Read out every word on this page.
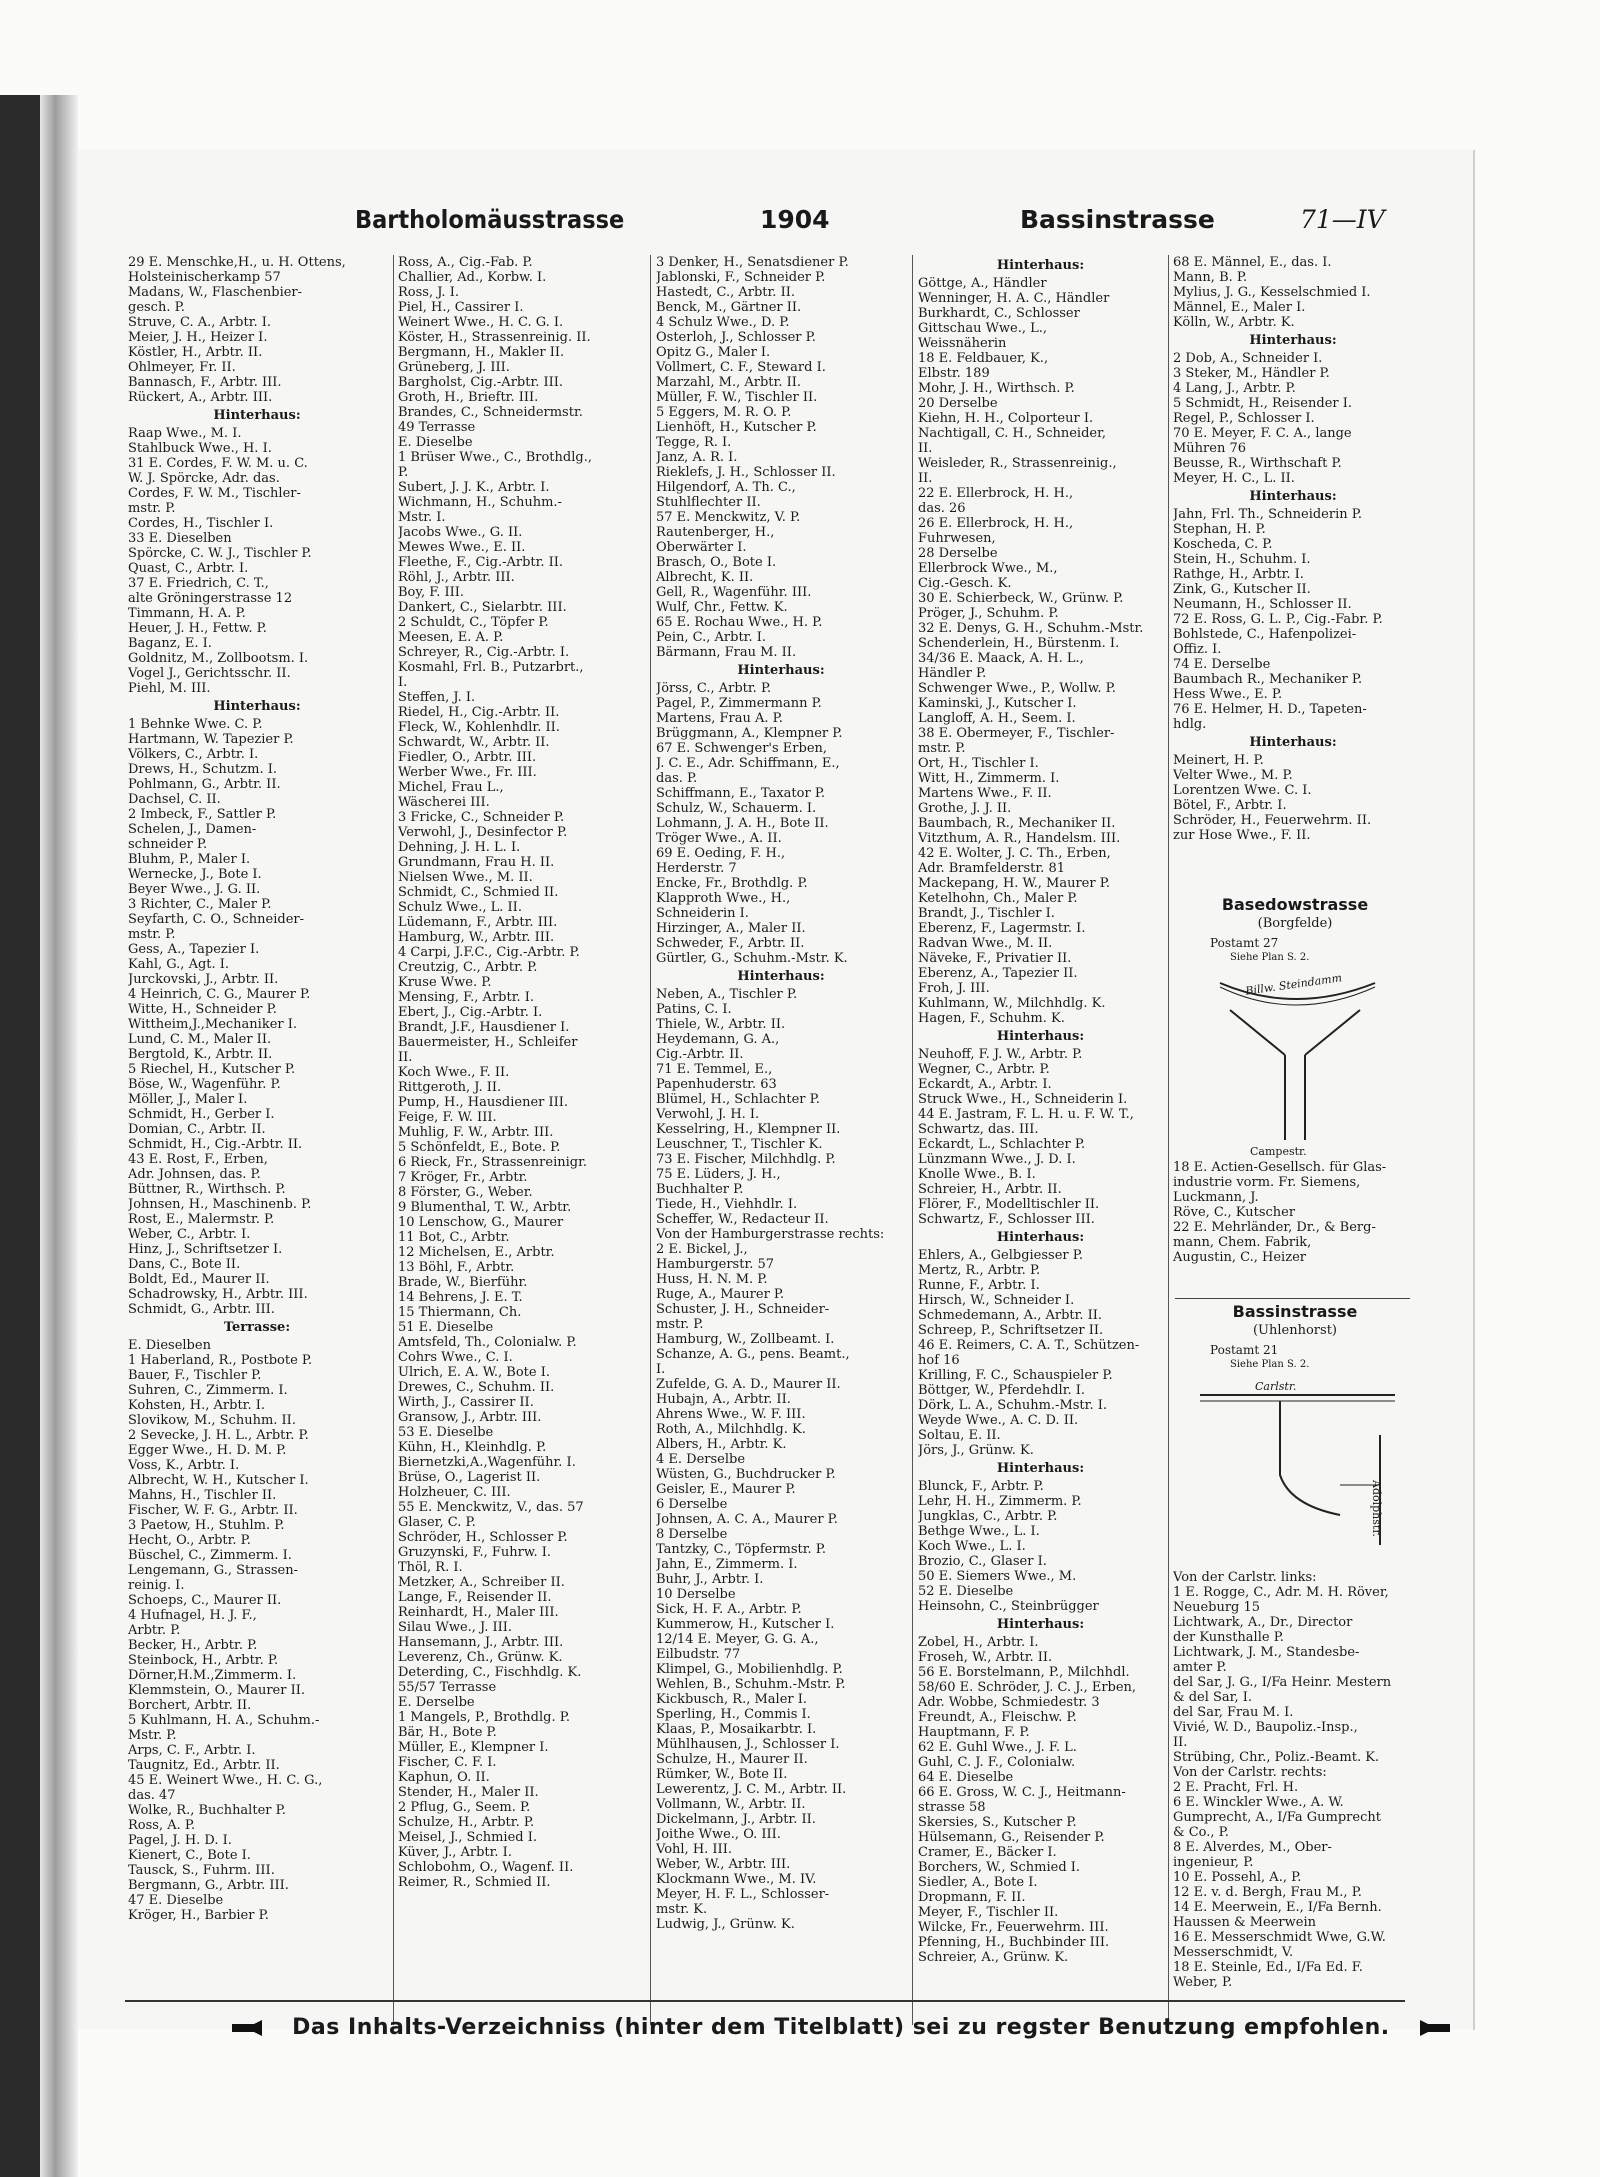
Bartholomäusstrasse	1904	Bassinstrasse	71—IV
29 E. Menschke,H., u. H. Ottens,
Holsteinischerkamp 57
Madans, W., Flaschenbier-
gesch. P.
Struve, C. A., Arbtr. I.
Meier, J. H., Heizer I.
Köstler, H., Arbtr. II.
Ohlmeyer, Fr. II.
Bannasch, F., Arbtr. III.
Rückert, A., Arbtr. III.
Hinterhaus:
Raap Wwe., M. I.
Stahlbuck Wwe., H. I.
31 E. Cordes, F. W. M. u. C.
W. J. Spörcke, Adr. das.
Cordes, F. W. M., Tischler-
mstr. P.
Cordes, H., Tischler I.
33 E. Dieselben
Spörcke, C. W. J., Tischler P.
Quast, C., Arbtr. I.
37 E. Friedrich, C. T.,
alte Gröningerstrasse 12
Timmann, H. A. P.
Heuer, J. H., Fettw. P.
Baganz, E. I.
Goldnitz, M., Zollbootsm. I.
Vogel J., Gerichtsschr. II.
Piehl, M. III.
Hinterhaus:
1 Behnke Wwe. C. P.
Hartmann, W. Tapezier P.
Völkers, C., Arbtr. I.
Drews, H., Schutzm. I.
Pohlmann, G., Arbtr. II.
Dachsel, C. II.
2 Imbeck, F., Sattler P.
Schelen, J., Damen-
schneider P.
Bluhm, P., Maler I.
Wernecke, J., Bote I.
Beyer Wwe., J. G. II.
3 Richter, C., Maler P.
Seyfarth, C. O., Schneider-
mstr. P.
Gess, A., Tapezier I.
Kahl, G., Agt. I.
Jurckovski, J., Arbtr. II.
4 Heinrich, C. G., Maurer P.
Witte, H., Schneider P.
Wittheim,J.,Mechaniker I.
Lund, C. M., Maler II.
Bergtold, K., Arbtr. II.
5 Riechel, H., Kutscher P.
Böse, W., Wagenführ. P.
Möller, J., Maler I.
Schmidt, H., Gerber I.
Domian, C., Arbtr. II.
Schmidt, H., Cig.-Arbtr. II.
43 E. Rost, F., Erben,
Adr. Johnsen, das. P.
Büttner, R., Wirthsch. P.
Johnsen, H., Maschinenb. P.
Rost, E., Malermstr. P.
Weber, C., Arbtr. I.
Hinz, J., Schriftsetzer I.
Dans, C., Bote II.
Boldt, Ed., Maurer II.
Schadrowsky, H., Arbtr. III.
Schmidt, G., Arbtr. III.
Terrasse:
E. Dieselben
1 Haberland, R., Postbote P.
Bauer, F., Tischler P.
Suhren, C., Zimmerm. I.
Kohsten, H., Arbtr. I.
Slovikow, M., Schuhm. II.
2 Sevecke, J. H. L., Arbtr. P.
Egger Wwe., H. D. M. P.
Voss, K., Arbtr. I.
Albrecht, W. H., Kutscher I.
Mahns, H., Tischler II.
Fischer, W. F. G., Arbtr. II.
3 Paetow, H., Stuhlm. P.
Hecht, O., Arbtr. P.
Büschel, C., Zimmerm. I.
Lengemann, G., Strassen-
reinig. I.
Schoeps, C., Maurer II.
4 Hufnagel, H. J. F.,
Arbtr. P.
Becker, H., Arbtr. P.
Steinbock, H., Arbtr. P.
Dörner,H.M.,Zimmerm. I.
Klemmstein, O., Maurer II.
Borchert, Arbtr. II.
5 Kuhlmann, H. A., Schuhm.-
Mstr. P.
Arps, C. F., Arbtr. I.
Taugnitz, Ed., Arbtr. II.
45 E. Weinert Wwe., H. C. G.,
das. 47
Wolke, R., Buchhalter P.
Ross, A. P.
Pagel, J. H. D. I.
Kienert, C., Bote I.
Tausck, S., Fuhrm. III.
Bergmann, G., Arbtr. III.
47 E. Dieselbe
Kröger, H., Barbier P.
Ross, A., Cig.-Fab. P.
Challier, Ad., Korbw. I.
Ross, J. I.
Piel, H., Cassirer I.
Weinert Wwe., H. C. G. I.
Köster, H., Strassenreinig. II.
Bergmann, H., Makler II.
Grüneberg, J. III.
Bargholst, Cig.-Arbtr. III.
Groth, H., Brieftr. III.
Brandes, C., Schneidermstr.
49 Terrasse
E. Dieselbe
1 Brüser Wwe., C., Brothdlg.,
P.
Subert, J. J. K., Arbtr. I.
Wichmann, H., Schuhm.-
Mstr. I.
Jacobs Wwe., G. II.
Mewes Wwe., E. II.
Fleethe, F., Cig.-Arbtr. II.
Röhl, J., Arbtr. III.
Boy, F. III.
Dankert, C., Sielarbtr. III.
2 Schuldt, C., Töpfer P.
Meesen, E. A. P.
Schreyer, R., Cig.-Arbtr. I.
Kosmahl, Frl. B., Putzarbrt.,
I.
Steffen, J. I.
Riedel, H., Cig.-Arbtr. II.
Fleck, W., Kohlenhdlr. II.
Schwardt, W., Arbtr. II.
Fiedler, O., Arbtr. III.
Werber Wwe., Fr. III.
Michel, Frau L.,
Wäscherei III.
3 Fricke, C., Schneider P.
Verwohl, J., Desinfector P.
Dehning, J. H. L. I.
Grundmann, Frau H. II.
Nielsen Wwe., M. II.
Schmidt, C., Schmied II.
Schulz Wwe., L. II.
Lüdemann, F., Arbtr. III.
Hamburg, W., Arbtr. III.
4 Carpi, J.F.C., Cig.-Arbtr. P.
Creutzig, C., Arbtr. P.
Kruse Wwe. P.
Mensing, F., Arbtr. I.
Ebert, J., Cig.-Arbtr. I.
Brandt, J.F., Hausdiener I.
Bauermeister, H., Schleifer
II.
Koch Wwe., F. II.
Rittgeroth, J. II.
Pump, H., Hausdiener III.
Feige, F. W. III.
Muhlig, F. W., Arbtr. III.
5 Schönfeldt, E., Bote. P.
6 Rieck, Fr., Strassenreinigr.
7 Kröger, Fr., Arbtr.
8 Förster, G., Weber.
9 Blumenthal, T. W., Arbtr.
10 Lenschow, G., Maurer
11 Bot, C., Arbtr.
12 Michelsen, E., Arbtr.
13 Böhl, F., Arbtr.
Brade, W., Bierführ.
14 Behrens, J. E. T.
15 Thiermann, Ch.
51 E. Dieselbe
Amtsfeld, Th., Colonialw. P.
Cohrs Wwe., C. I.
Ulrich, E. A. W., Bote I.
Drewes, C., Schuhm. II.
Wirth, J., Cassirer II.
Gransow, J., Arbtr. III.
53 E. Dieselbe
Kühn, H., Kleinhdlg. P.
Biernetzki,A.,Wagenführ. I.
Brüse, O., Lagerist II.
Holzheuer, C. III.
55 E. Menckwitz, V., das. 57
Glaser, C. P.
Schröder, H., Schlosser P.
Gruzynski, F., Fuhrw. I.
Thöl, R. I.
Metzker, A., Schreiber II.
Lange, F., Reisender II.
Reinhardt, H., Maler III.
Silau Wwe., J. III.
Hansemann, J., Arbtr. III.
Leverenz, Ch., Grünw. K.
Deterding, C., Fischhdlg. K.
55/57 Terrasse
E. Derselbe
1 Mangels, P., Brothdlg. P.
Bär, H., Bote P.
Müller, E., Klempner I.
Fischer, C. F. I.
Kaphun, O. II.
Stender, H., Maler II.
2 Pflug, G., Seem. P.
Schulze, H., Arbtr. P.
Meisel, J., Schmied I.
Küver, J., Arbtr. I.
Schlobohm, O., Wagenf. II.
Reimer, R., Schmied II.
3 Denker, H., Senatsdiener P.
Jablonski, F., Schneider P.
Hastedt, C., Arbtr. II.
Benck, M., Gärtner II.
4 Schulz Wwe., D. P.
Osterloh, J., Schlosser P.
Opitz G., Maler I.
Vollmert, C. F., Steward I.
Marzahl, M., Arbtr. II.
Müller, F. W., Tischler II.
5 Eggers, M. R. O. P.
Lienhöft, H., Kutscher P.
Tegge, R. I.
Janz, A. R. I.
Rieklefs, J. H., Schlosser II.
Hilgendorf, A. Th. C.,
Stuhlflechter II.
57 E. Menckwitz, V. P.
Rautenberger, H.,
Oberwärter I.
Brasch, O., Bote I.
Albrecht, K. II.
Gell, R., Wagenführ. III.
Wulf, Chr., Fettw. K.
65 E. Rochau Wwe., H. P.
Pein, C., Arbtr. I.
Bärmann, Frau M. II.
Hinterhaus:
Jörss, C., Arbtr. P.
Pagel, P., Zimmermann P.
Martens, Frau A. P.
Brüggmann, A., Klempner P.
67 E. Schwenger's Erben,
J. C. E., Adr. Schiffmann, E.,
das. P.
Schiffmann, E., Taxator P.
Schulz, W., Schauerm. I.
Lohmann, J. A. H., Bote II.
Tröger Wwe., A. II.
69 E. Oeding, F. H.,
Herderstr. 7
Encke, Fr., Brothdlg. P.
Klapproth Wwe., H.,
Schneiderin I.
Hirzinger, A., Maler II.
Schweder, F., Arbtr. II.
Gürtler, G., Schuhm.-Mstr. K.
Hinterhaus:
Neben, A., Tischler P.
Patins, C. I.
Thiele, W., Arbtr. II.
Heydemann, G. A.,
Cig.-Arbtr. II.
71 E. Temmel, E.,
Papenhuderstr. 63
Blümel, H., Schlachter P.
Verwohl, J. H. I.
Kesselring, H., Klempner II.
Leuschner, T., Tischler K.
73 E. Fischer, Milchhdlg. P.
75 E. Lüders, J. H.,
Buchhalter P.
Tiede, H., Viehhdlr. I.
Scheffer, W., Redacteur II.
Von der Hamburgerstrasse rechts:
2 E. Bickel, J.,
Hamburgerstr. 57
Huss, H. N. M. P.
Ruge, A., Maurer P.
Schuster, J. H., Schneider-
mstr. P.
Hamburg, W., Zollbeamt. I.
Schanze, A. G., pens. Beamt.,
I.
Zufelde, G. A. D., Maurer II.
Hubajn, A., Arbtr. II.
Ahrens Wwe., W. F. III.
Roth, A., Milchhdlg. K.
Albers, H., Arbtr. K.
4 E. Derselbe
Wüsten, G., Buchdrucker P.
Geisler, E., Maurer P.
6 Derselbe
Johnsen, A. C. A., Maurer P.
8 Derselbe
Tantzky, C., Töpfermstr. P.
Jahn, E., Zimmerm. I.
Buhr, J., Arbtr. I.
10 Derselbe
Sick, H. F. A., Arbtr. P.
Kummerow, H., Kutscher I.
12/14 E. Meyer, G. G. A.,
Eilbudstr. 77
Klimpel, G., Mobilienhdlg. P.
Wehlen, B., Schuhm.-Mstr. P.
Kickbusch, R., Maler I.
Sperling, H., Commis I.
Klaas, P., Mosaikarbtr. I.
Mühlhausen, J., Schlosser I.
Schulze, H., Maurer II.
Rümker, W., Bote II.
Lewerentz, J. C. M., Arbtr. II.
Vollmann, W., Arbtr. II.
Dickelmann, J., Arbtr. II.
Joithe Wwe., O. III.
Vohl, H. III.
Weber, W., Arbtr. III.
Klockmann Wwe., M. IV.
Meyer, H. F. L., Schlosser-
mstr. K.
Ludwig, J., Grünw. K.
Hinterhaus:
Göttge, A., Händler
Wenninger, H. A. C., Händler
Burkhardt, C., Schlosser
Gittschau Wwe., L.,
Weissnäherin
18 E. Feldbauer, K.,
Elbstr. 189
Mohr, J. H., Wirthsch. P.
20 Derselbe
Kiehn, H. H., Colporteur I.
Nachtigall, C. H., Schneider,
II.
Weisleder, R., Strassenreinig.,
II.
22 E. Ellerbrock, H. H.,
das. 26
26 E. Ellerbrock, H. H.,
Fuhrwesen,
28 Derselbe
Ellerbrock Wwe., M.,
Cig.-Gesch. K.
30 E. Schierbeck, W., Grünw. P.
Pröger, J., Schuhm. P.
32 E. Denys, G. H., Schuhm.-Mstr.
Schenderlein, H., Bürstenm. I.
34/36 E. Maack, A. H. L.,
Händler P.
Schwenger Wwe., P., Wollw. P.
Kaminski, J., Kutscher I.
Langloff, A. H., Seem. I.
38 E. Obermeyer, F., Tischler-
mstr. P.
Ort, H., Tischler I.
Witt, H., Zimmerm. I.
Martens Wwe., F. II.
Grothe, J. J. II.
Baumbach, R., Mechaniker II.
Vitzthum, A. R., Handelsm. III.
42 E. Wolter, J. C. Th., Erben,
Adr. Bramfelderstr. 81
Mackepang, H. W., Maurer P.
Ketelhohn, Ch., Maler P.
Brandt, J., Tischler I.
Eberenz, F., Lagermstr. I.
Radvan Wwe., M. II.
Näveke, F., Privatier II.
Eberenz, A., Tapezier II.
Froh, J. III.
Kuhlmann, W., Milchhdlg. K.
Hagen, F., Schuhm. K.
Hinterhaus:
Neuhoff, F. J. W., Arbtr. P.
Wegner, C., Arbtr. P.
Eckardt, A., Arbtr. I.
Struck Wwe., H., Schneiderin I.
44 E. Jastram, F. L. H. u. F. W. T.,
Schwartz, das. III.
Eckardt, L., Schlachter P.
Lünzmann Wwe., J. D. I.
Knolle Wwe., B. I.
Schreier, H., Arbtr. II.
Flörer, F., Modelltischler II.
Schwartz, F., Schlosser III.
Hinterhaus:
Ehlers, A., Gelbgiesser P.
Mertz, R., Arbtr. P.
Runne, F., Arbtr. I.
Hirsch, W., Schneider I.
Schmedemann, A., Arbtr. II.
Schreep, P., Schriftsetzer II.
46 E. Reimers, C. A. T., Schützen-
hof 16
Krilling, F. C., Schauspieler P.
Böttger, W., Pferdehdlr. I.
Dörk, L. A., Schuhm.-Mstr. I.
Weyde Wwe., A. C. D. II.
Soltau, E. II.
Jörs, J., Grünw. K.
Hinterhaus:
Blunck, F., Arbtr. P.
Lehr, H. H., Zimmerm. P.
Jungklas, C., Arbtr. P.
Bethge Wwe., L. I.
Koch Wwe., L. I.
Brozio, C., Glaser I.
50 E. Siemers Wwe., M.
52 E. Dieselbe
Heinsohn, C., Steinbrügger
Hinterhaus:
Zobel, H., Arbtr. I.
Froseh, W., Arbtr. II.
56 E. Borstelmann, P., Milchhdl.
58/60 E. Schröder, J. C. J., Erben,
Adr. Wobbe, Schmiedestr. 3
Freundt, A., Fleischw. P.
Hauptmann, F. P.
62 E. Guhl Wwe., J. F. L.
Guhl, C. J. F., Colonialw.
64 E. Dieselbe
66 E. Gross, W. C. J., Heitmann-
strasse 58
Skersies, S., Kutscher P.
Hülsemann, G., Reisender P.
Cramer, E., Bäcker I.
Borchers, W., Schmied I.
Siedler, A., Bote I.
Dropmann, F. II.
Meyer, F., Tischler II.
Wilcke, Fr., Feuerwehrm. III.
Pfenning, H., Buchbinder III.
Schreier, A., Grünw. K.
68 E. Männel, E., das. I.
Mann, B. P.
Mylius, J. G., Kesselschmied I.
Männel, E., Maler I.
Kölln, W., Arbtr. K.
Hinterhaus:
2 Dob, A., Schneider I.
3 Steker, M., Händler P.
4 Lang, J., Arbtr. P.
5 Schmidt, H., Reisender I.
Regel, P., Schlosser I.
70 E. Meyer, F. C. A., lange
Mühren 76
Beusse, R., Wirthschaft P.
Meyer, H. C., L. II.
Hinterhaus:
Jahn, Frl. Th., Schneiderin P.
Stephan, H. P.
Koscheda, C. P.
Stein, H., Schuhm. I.
Rathge, H., Arbtr. I.
Zink, G., Kutscher II.
Neumann, H., Schlosser II.
72 E. Ross, G. L. P., Cig.-Fabr. P.
Bohlstede, C., Hafenpolizei-
Offiz. I.
74 E. Derselbe
Baumbach R., Mechaniker P.
Hess Wwe., E. P.
76 E. Helmer, H. D., Tapeten-
hdlg.
Hinterhaus:
Meinert, H. P.
Velter Wwe., M. P.
Lorentzen Wwe. C. I.
Bötel, F., Arbtr. I.
Schröder, H., Feuerwehrm. II.
zur Hose Wwe., F. II.
Basedowstrasse
(Borgfelde)
Postamt 27
Siehe Plan S. 2.
Billw. Steindamm
Campestr.
18 E. Actien-Gesellsch. für Glas-
industrie vorm. Fr. Siemens,
Luckmann, J.
Röve, C., Kutscher
22 E. Mehrländer, Dr., & Berg-
mann, Chem. Fabrik,
Augustin, C., Heizer
Bassinstrasse
(Uhlenhorst)
Postamt 21
Siehe Plan S. 2.
Carlstr.
Adolphstr.
Von der Carlstr. links:
1 E. Rogge, C., Adr. M. H. Röver,
Neueburg 15
Lichtwark, A., Dr., Director
der Kunsthalle P.
Lichtwark, J. M., Standesbe-
amter P.
del Sar, J. G., I/Fa Heinr. Mestern
& del Sar, I.
del Sar, Frau M. I.
Vivié, W. D., Baupoliz.-Insp.,
II.
Strübing, Chr., Poliz.-Beamt. K.
Von der Carlstr. rechts:
2 E. Pracht, Frl. H.
6 E. Winckler Wwe., A. W.
Gumprecht, A., I/Fa Gumprecht
& Co., P.
8 E. Alverdes, M., Ober-
ingenieur, P.
10 E. Possehl, A., P.
12 E. v. d. Bergh, Frau M., P.
14 E. Meerwein, E., I/Fa Bernh.
Haussen & Meerwein
16 E. Messerschmidt Wwe, G.W.
Messerschmidt, V.
18 E. Steinle, Ed., I/Fa Ed. F.
Weber, P.
Das Inhalts-Verzeichniss (hinter dem Titelblatt) sei zu regster Benutzung empfohlen.
